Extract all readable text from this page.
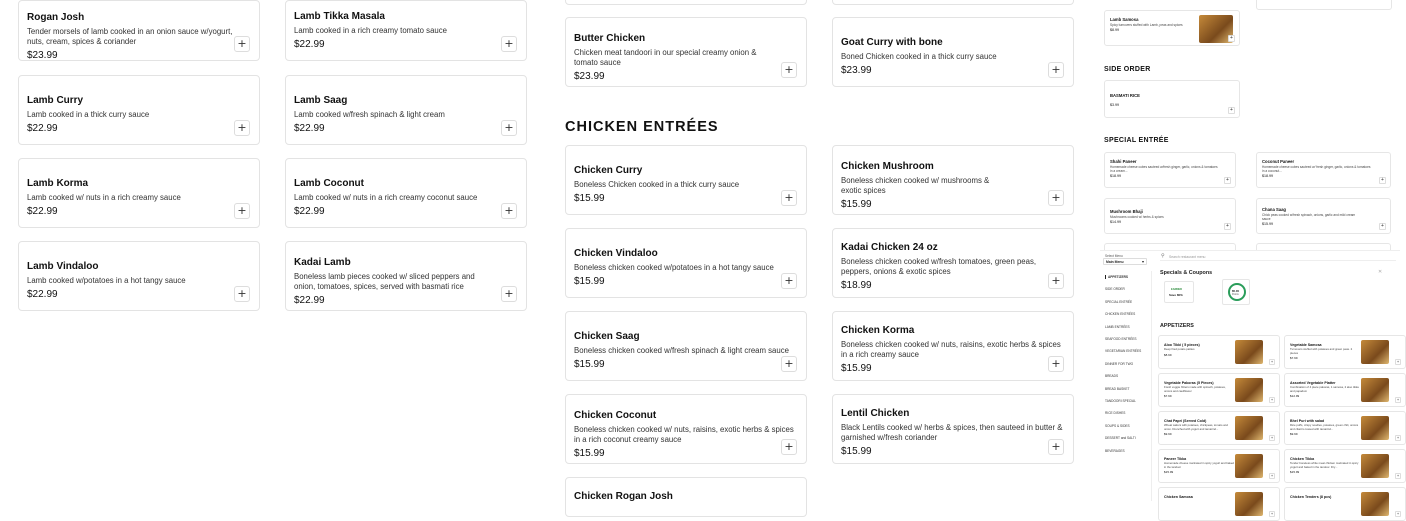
Rogan Josh
Tender morsels of lamb cooked in an onion sauce w/yogurt, nuts, cream, spices & coriander
$23.99
+
Lamb Curry
Lamb cooked in a thick curry sauce
$22.99	+
Lamb Korma
Lamb cooked w/ nuts in a rich creamy sauce
$22.99	+
Lamb Vindaloo
Lamb cooked w/potatoes in a hot tangy sauce
$22.99	+
Lamb Tikka Masala
Lamb cooked in a rich creamy tomato sauce
$22.99	+
Lamb Saag
Lamb cooked w/fresh spinach & light cream
$22.99	+
Lamb Coconut
Lamb cooked w/ nuts in a rich creamy coconut sauce
$22.99	+
Kadai Lamb
Boneless lamb pieces cooked w/ sliced peppers and onion, tomatoes, spices, served with basmati rice
$22.99
+
Butter Chicken
Chicken meat tandoori in our special creamy onion & tomato sauce
$23.99
+
Goat Curry with bone
Boned Chicken cooked in a thick curry sauce
$23.99	+
CHICKEN ENTRÉES
Chicken Curry
Boneless Chicken cooked in a thick curry sauce
$15.99	+
Chicken Vindaloo
Boneless chicken cooked w/potatoes in a hot tangy sauce
$15.99	+
Chicken Saag
Boneless chicken cooked w/fresh spinach & light cream sauce
$15.99	+
Chicken Coconut
Boneless chicken cooked w/ nuts, raisins, exotic herbs & spices in a rich coconut creamy sauce
$15.99
+
Chicken Rogan Josh
Chicken Mushroom
Boneless chicken cooked w/ mushrooms & exotic spices
$15.99
+
Kadai Chicken 24 oz
Boneless chicken cooked w/fresh tomatoes, green peas, peppers, onions & exotic spices
$18.99	+
Chicken Korma
Boneless chicken cooked w/ nuts, raisins, exotic herbs & spices in a rich creamy sauce
$15.99	+
Lentil Chicken
Black Lentils cooked w/ herbs & spices, then sauteed in butter & garnished w/fresh coriander
$15.99	+
Lamb Samosa
Spicy turnovers stuffed with Lamb, peas and spices
$8.99
+
SIDE ORDER
BASMATI RICE
$3.99
+
SPECIAL ENTRÉE
Shahi Paneer
Homemade cheese cubes sauteed w/fresh ginger, garlic, onions & tomatoes in a cream...
$18.99
+
Coconut Paneer
Homemade cheese cubes sauteed w/ fresh ginger, garlic, onions & tomatoes in a coconut...
$18.99
+
Mushroom Bhaji
Mushrooms cooked w/ herbs & spices
$14.99
+
Chana Saag
Chick peas cooked w/fresh spinach, onions, garlic and mild cream sauce
$15.99	+
Select Menu
Main Menu	▾
⚲ Search restaurant menu
APPETIZERS
SIDE ORDER
SPECIAL ENTRÉE
CHICKEN ENTRÉES
LAMB ENTRÉES
SEAFOOD ENTRÉES
VEGETARIAN ENTRÉES
DINNER FOR TWO
BREADS
BREAD BASKET
TANDOORI SPECIAL
RICE DISHES
SOUPS & SIDES
DESSERT and SALTI
BEVERAGES
Specials & Coupons	✕
EARNED
Save 80%
$5.00
Points
APPETIZERS
Aloo Tikki ( 5 pieces)
Deep fried potato patties
$8.99
+
Vegetable Samosa
Turnovers stuffed with potatoes and green peas. 2 pieces
$7.99
+
Vegetable Pakoras (5 Pieces)
Fresh veggie fritters made with spinach, potatoes, onions and cauliflower
$7.99
+
Assorted Vegetable Platter
Combination of 4 piece pakoras, 1 samosa, 2 aloo tikka and papadum
$12.99
+
Chat Papri (Served Cold)
Wheat wafers with potatoes, chickpeas, tomato and onion. Drenched with yogurt and tamarind...
$9.99
+
Bhel Puri with salad
Rice puffs, crispy noodles, potatoes, green chili, onions and cilantro tossed with tamarind...
$9.99
+
Paneer Tikka
Homemade cheese marinated in spicy yogurt and baked in the tandoor
$15.99
+
Chicken Tikka
Tender boneless white meat chicken marinated in spicy yogurt and baked in the tandoor. Dry...
$15.99
+
Chicken Samosa
+
Chicken Tenders (8 pcs)
+
